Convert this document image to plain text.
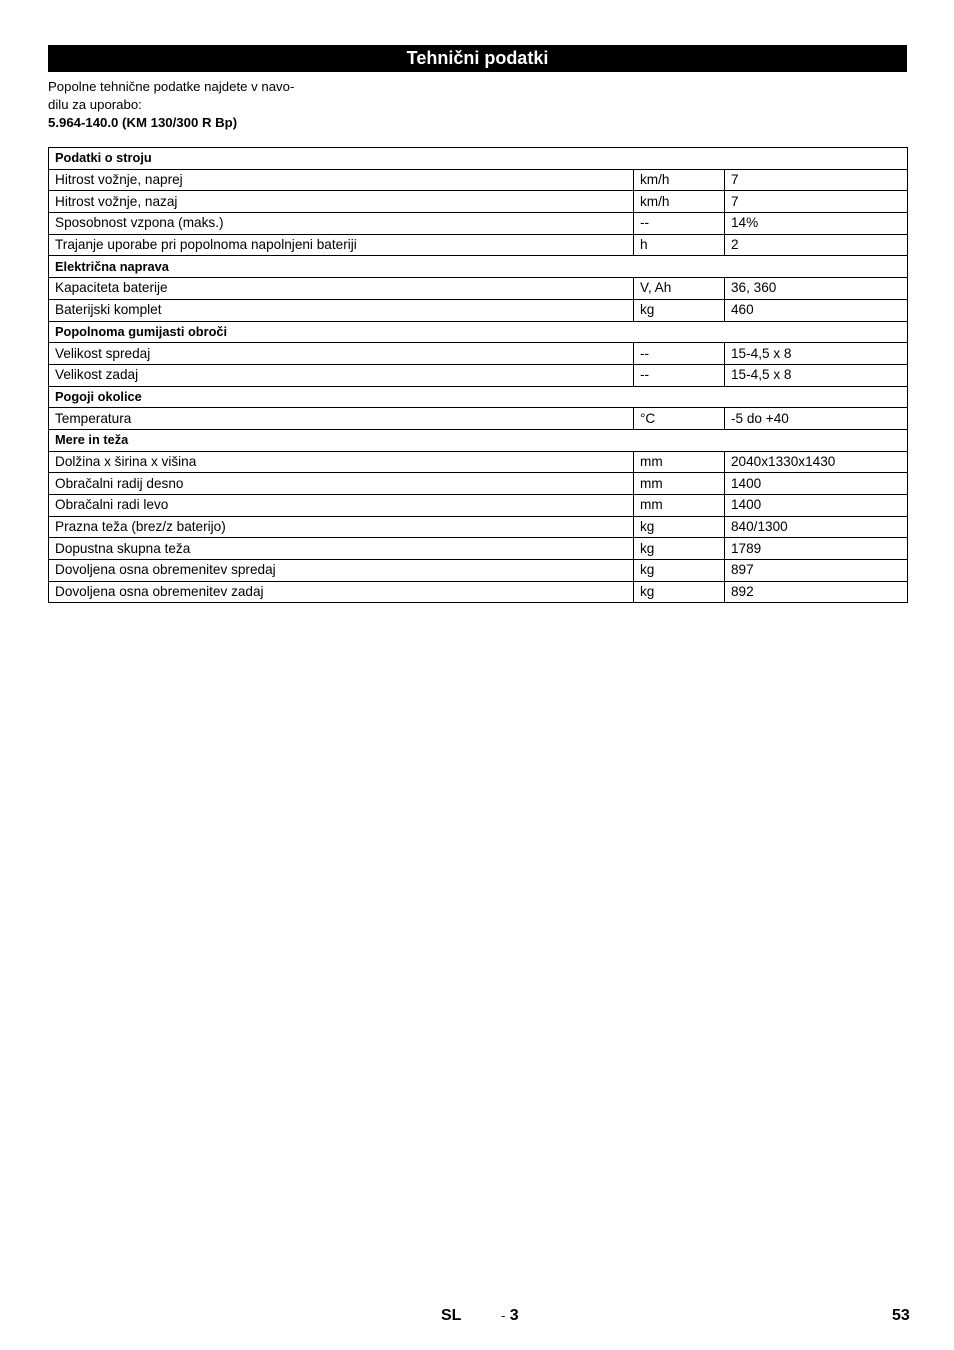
Tehnični podatki
Popolne tehnične podatke najdete v navo-
dilu za uporabo:
5.964-140.0 (KM 130/300 R Bp)
Podatki o stroju		
Hitrost vožnje, naprej	km/h	7
Hitrost vožnje, nazaj	km/h	7
Sposobnost vzpona (maks.)	--	14%
Trajanje uporabe pri popolnoma napolnjeni bateriji	h	2
Električna naprava		
Kapaciteta baterije	V, Ah	36, 360
Baterijski komplet	kg	460
Popolnoma gumijasti obroči		
Velikost spredaj	--	15-4,5 x 8
Velikost zadaj	--	15-4,5 x 8
Pogoji okolice		
Temperatura	°C	-5 do +40
Mere in teža		
Dolžina x širina x višina	mm	2040x1330x1430
Obračalni radij desno	mm	1400
Obračalni radi levo	mm	1400
Prazna teža (brez/z baterijo)	kg	840/1300
Dopustna skupna teža	kg	1789
Dovoljena osna obremenitev spredaj	kg	897
Dovoljena osna obremenitev zadaj	kg	892
SL	- 3	53
